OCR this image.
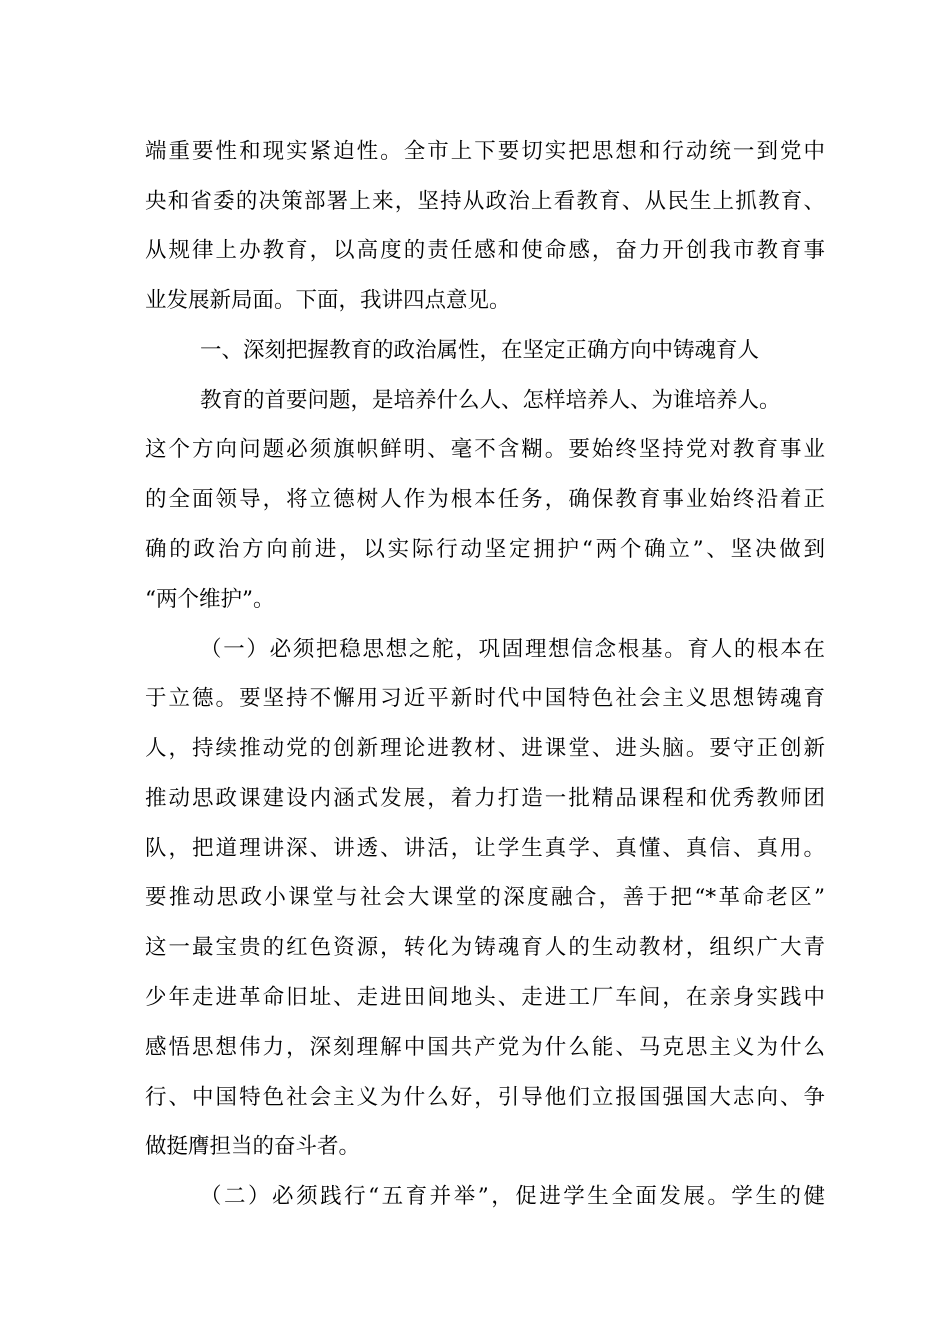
端重要性和现实紧迫性。全市上下要切实把思想和行动统一到党中
央和省委的决策部署上来，坚持从政治上看教育、从民生上抓教育、
从规律上办教育，以高度的责任感和使命感，奋力开创我市教育事
业发展新局面。下面，我讲四点意见。
一、深刻把握教育的政治属性，在坚定正确方向中铸魂育人
教育的首要问题，是培养什么人、怎样培养人、为谁培养人。
这个方向问题必须旗帜鲜明、毫不含糊。要始终坚持党对教育事业
的全面领导，将立德树人作为根本任务，确保教育事业始终沿着正
确的政治方向前进，以实际行动坚定拥护“两个确立”、坚决做到
“两个维护”。
（一）必须把稳思想之舵，巩固理想信念根基。育人的根本在
于立德。要坚持不懈用习近平新时代中国特色社会主义思想铸魂育
人，持续推动党的创新理论进教材、进课堂、进头脑。要守正创新
推动思政课建设内涵式发展，着力打造一批精品课程和优秀教师团
队，把道理讲深、讲透、讲活，让学生真学、真懂、真信、真用。
要推动思政小课堂与社会大课堂的深度融合，善于把“*革命老区”
这一最宝贵的红色资源，转化为铸魂育人的生动教材，组织广大青
少年走进革命旧址、走进田间地头、走进工厂车间，在亲身实践中
感悟思想伟力，深刻理解中国共产党为什么能、马克思主义为什么
行、中国特色社会主义为什么好，引导他们立报国强国大志向、争
做挺膺担当的奋斗者。
（二）必须践行“五育并举”，促进学生全面发展。学生的健
